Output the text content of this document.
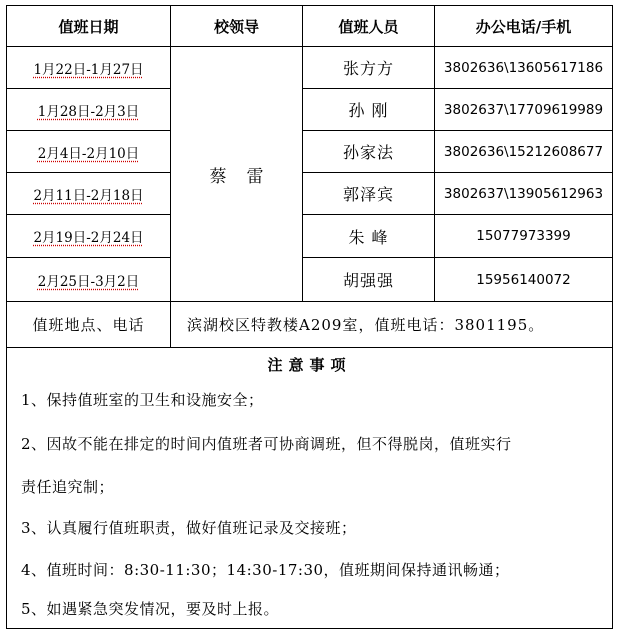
值班日期	校领导	值班人员	办公电话/手机
蔡雷
1月22日-1月27日	张方方	3802636\13605617186
1月28日-2月3日	孙 刚	3802637\17709619989
2月4日-2月10日	孙家法	3802636\15212608677
2月11日-2月18日	郭泽宾	3802637\13905612963
2月19日-2月24日	朱 峰	15077973399
2月25日-3月2日	胡强强	15956140072
值班地点、电话	滨湖校区特教楼A209室，值班电话：3801195。
注意事项
1、保持值班室的卫生和设施安全；
2、因故不能在排定的时间内值班者可协商调班，但不得脱岗，值班实行
责任追究制；
3、认真履行值班职责，做好值班记录及交接班；
4、值班时间：8:30-11:30；14:30-17:30，值班期间保持通讯畅通；
5、如遇紧急突发情况，要及时上报。
